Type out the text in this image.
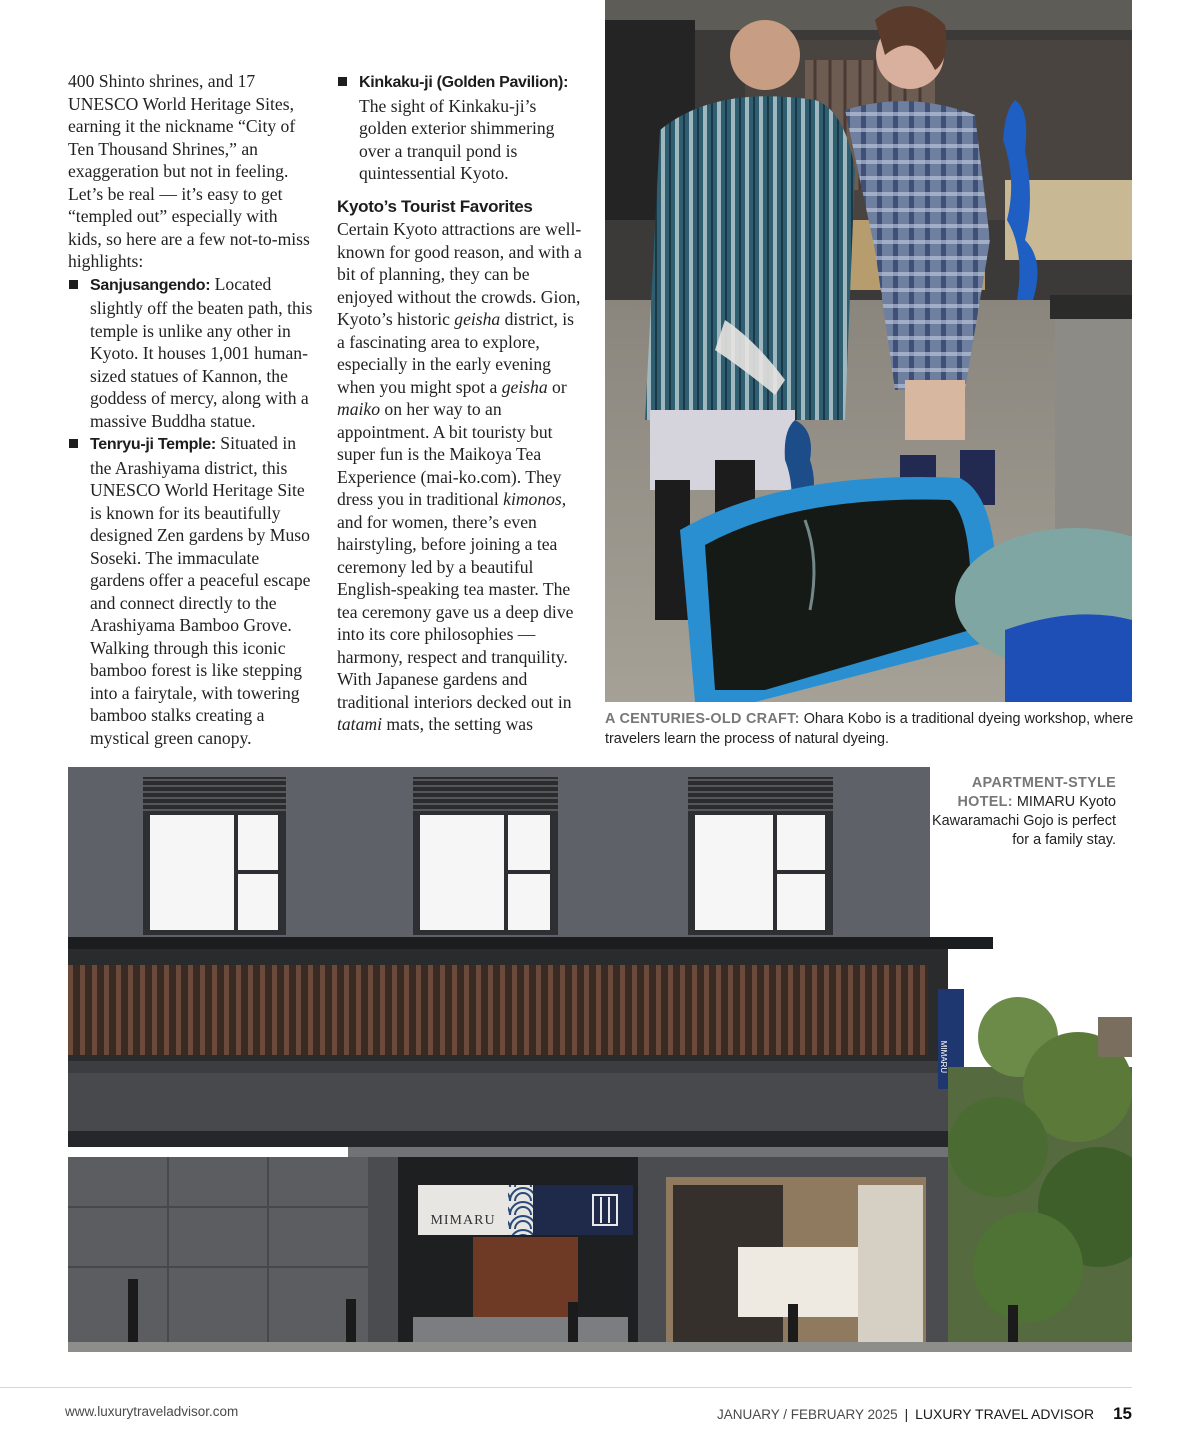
400 Shinto shrines, and 17 UNESCO World Heritage Sites, earning it the nickname “City of Ten Thousand Shrines,” an exaggeration but not in feeling. Let’s be real — it’s easy to get “templed out” especially with kids, so here are a few not-to-miss highlights:

Sanjusangendo: Located slightly off the beaten path, this temple is unlike any other in Kyoto. It houses 1,001 human-sized statues of Kannon, the goddess of mercy, along with a massive Buddha statue.
Tenryu-ji Temple: Situated in the Arashiyama district, this UNESCO World Heritage Site is known for its beautifully designed Zen gardens by Muso Soseki. The immaculate gardens offer a peaceful escape and connect directly to the Arashiyama Bamboo Grove. Walking through this iconic bamboo forest is like stepping into a fairytale, with towering bamboo stalks creating a mystical green canopy.
Kinkaku-ji (Golden Pavilion): The sight of Kinkaku-ji’s golden exterior shimmering over a tranquil pond is quintessential Kyoto.

Kyoto’s Tourist Favorites

Certain Kyoto attractions are well-known for good reason, and with a bit of planning, they can be enjoyed without the crowds. Gion, Kyoto’s historic geisha district, is a fascinating area to explore, especially in the early evening when you might spot a geisha or maiko on her way to an appointment. A bit touristy but super fun is the Maikoya Tea Experience (mai-ko.com). They dress you in traditional kimonos, and for women, there’s even hairstyling, before joining a tea ceremony led by a beautiful English-speaking tea master. The tea ceremony gave us a deep dive into its core philosophies — harmony, respect and tranquility. With Japanese gardens and traditional interiors decked out in tatami mats, the setting was	A CENTURIES-OLD CRAFT: Ohara Kobo is a traditional dyeing workshop, where travelers learn the process of natural dyeing.
MIMARU
MIMARU
APARTMENT-STYLE HOTEL: MIMARU Kyoto Kawaramachi Gojo is perfect for a family stay.
www.luxurytraveladvisor.com	JANUARY / FEBRUARY 2025 | LUXURY TRAVEL ADVISOR 15
